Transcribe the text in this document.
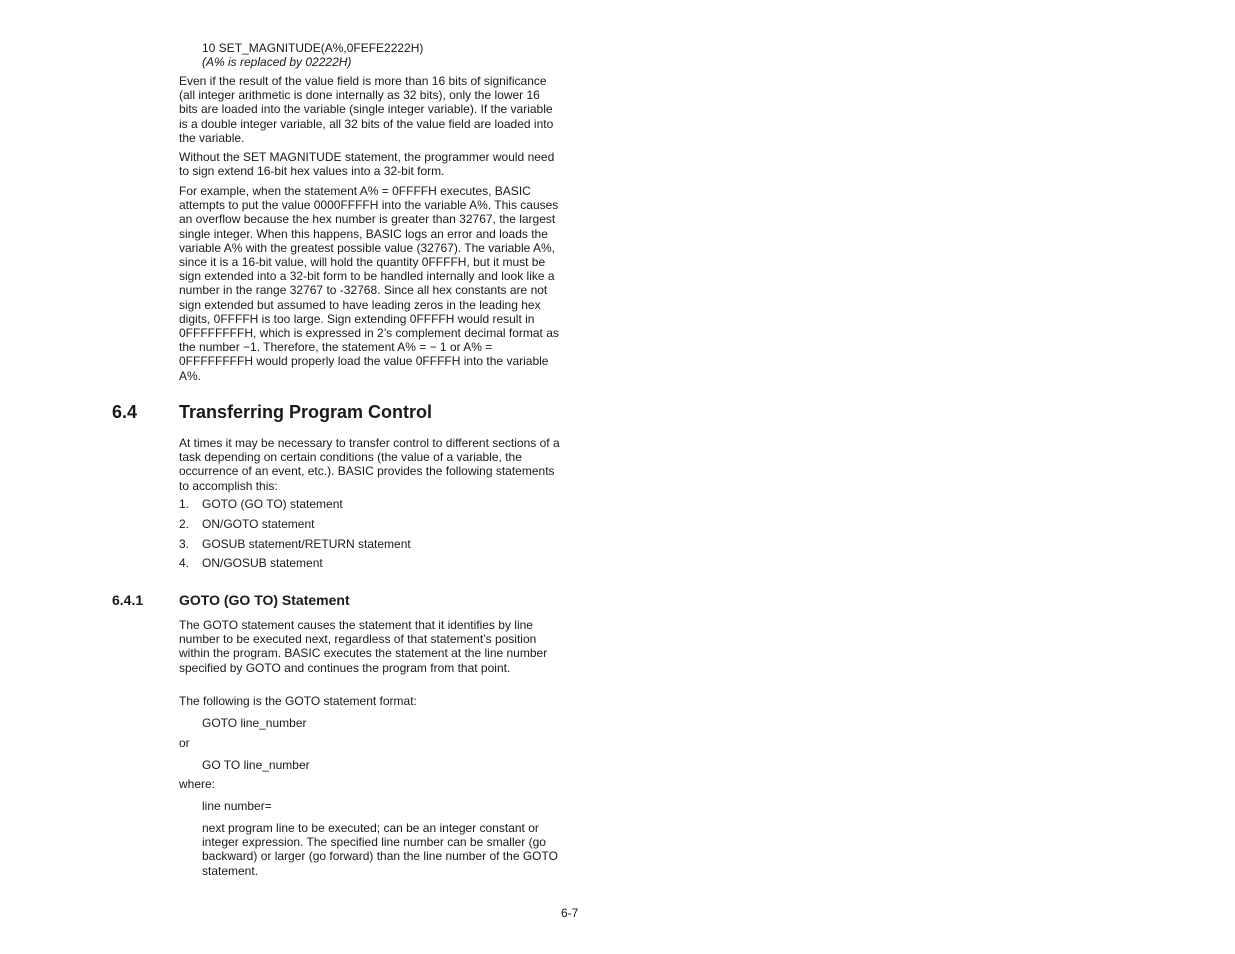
10 SET_MAGNITUDE(A%,0FEFE2222H)
(A% is replaced by 02222H)

Even if the result of the value field is more than 16 bits of significance (all integer arithmetic is done internally as 32 bits), only the lower 16 bits are loaded into the variable (single integer variable). If the variable is a double integer variable, all 32 bits of the value field are loaded into the variable.

Without the SET MAGNITUDE statement, the programmer would need to sign extend 16-bit hex values into a 32-bit form.

For example, when the statement A% = 0FFFFH executes, BASIC attempts to put the value 0000FFFFH into the variable A%. This causes an overflow because the hex number is greater than 32767, the largest single integer. When this happens, BASIC logs an error and loads the variable A% with the greatest possible value (32767). The variable A%, since it is a 16-bit value, will hold the quantity 0FFFFH, but it must be sign extended into a 32-bit form to be handled internally and look like a number in the range 32767 to -32768. Since all hex constants are not sign extended but assumed to have leading zeros in the leading hex digits, 0FFFFH is too large. Sign extending 0FFFFH would result in 0FFFFFFFFH, which is expressed in 2’s complement decimal format as the number −1. Therefore, the statement A% = − 1 or A% = 0FFFFFFFFH would properly load the value 0FFFFH into the variable A%.

6.4 Transferring Program Control

At times it may be necessary to transfer control to different sections of a task depending on certain conditions (the value of a variable, the occurrence of an event, etc.). BASIC provides the following statements to accomplish this:

1. GOTO (GO TO) statement
2. ON/GOTO statement
3. GOSUB statement/RETURN statement
4. ON/GOSUB statement
6.4.1	GOTO (GO TO) Statement

The GOTO statement causes the statement that it identifies by line number to be executed next, regardless of that statement’s position within the program. BASIC executes the statement at the line number specified by GOTO and continues the program from that point.

The following is the GOTO statement format:

GOTO line_number

or

GO TO line_number

where:

line number=

next program line to be executed; can be an integer constant or integer expression. The specified line number can be smaller (go backward) or larger (go forward) than the line number of the GOTO statement.

6-7
